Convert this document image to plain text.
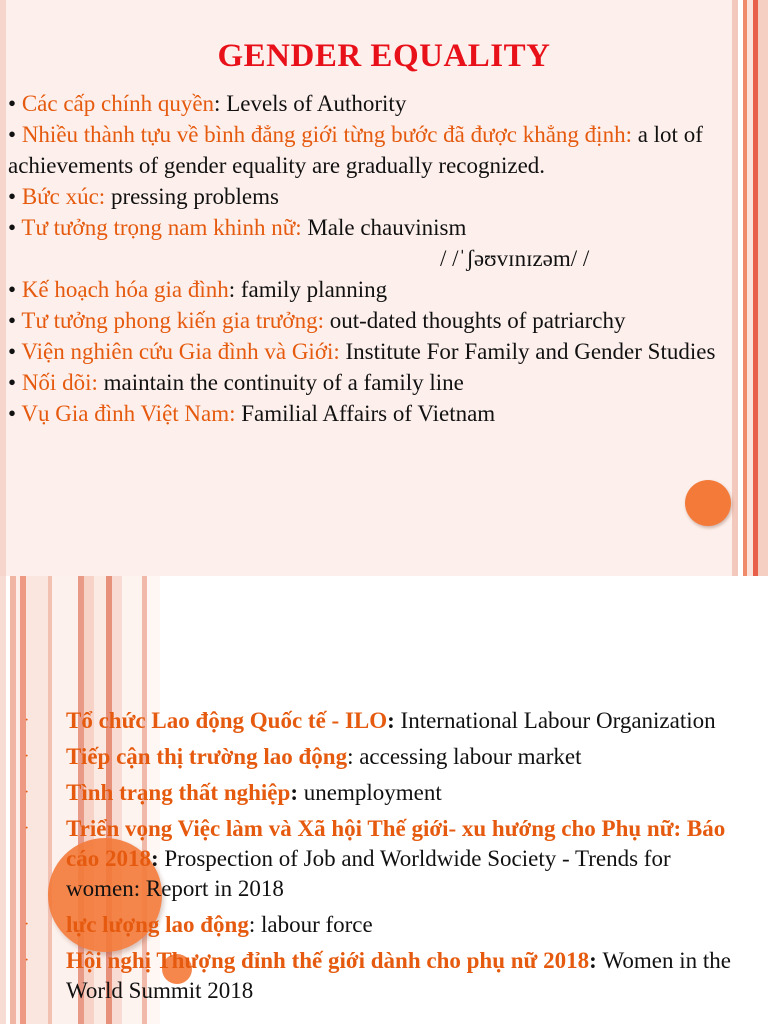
GENDER EQUALITY

• Các cấp chính quyền: Levels of Authority

• Nhiều thành tựu về bình đẳng giới từng bước đã được khẳng định: a lot of achievements of gender equality are gradually recognized.

• Bức xúc: pressing problems

• Tư tưởng trọng nam khinh nữ: Male chauvinism

/ /ˈʃəʊvɪnɪzəm/ /

• Kế hoạch hóa gia đình: family planning

• Tư tưởng phong kiến gia trưởng: out-dated thoughts of patriarchy

• Viện nghiên cứu Gia đình và Giới: Institute For Family and Gender Studies

• Nối dõi: maintain the continuity of a family line

• Vụ Gia đình Việt Nam: Familial Affairs of Vietnam

· Tổ chức Lao động Quốc tế - ILO: International Labour Organization
· Tiếp cận thị trường lao động: accessing labour market
· Tình trạng thất nghiệp: unemployment
· Triển vọng Việc làm và Xã hội Thế giới- xu hướng cho Phụ nữ: Báo cáo 2018: Prospection of Job and Worldwide Society - Trends for women: Report in 2018
· lực lượng lao động: labour force
· Hội nghị Thượng đỉnh thế giới dành cho phụ nữ 2018: Women in the World Summit 2018
